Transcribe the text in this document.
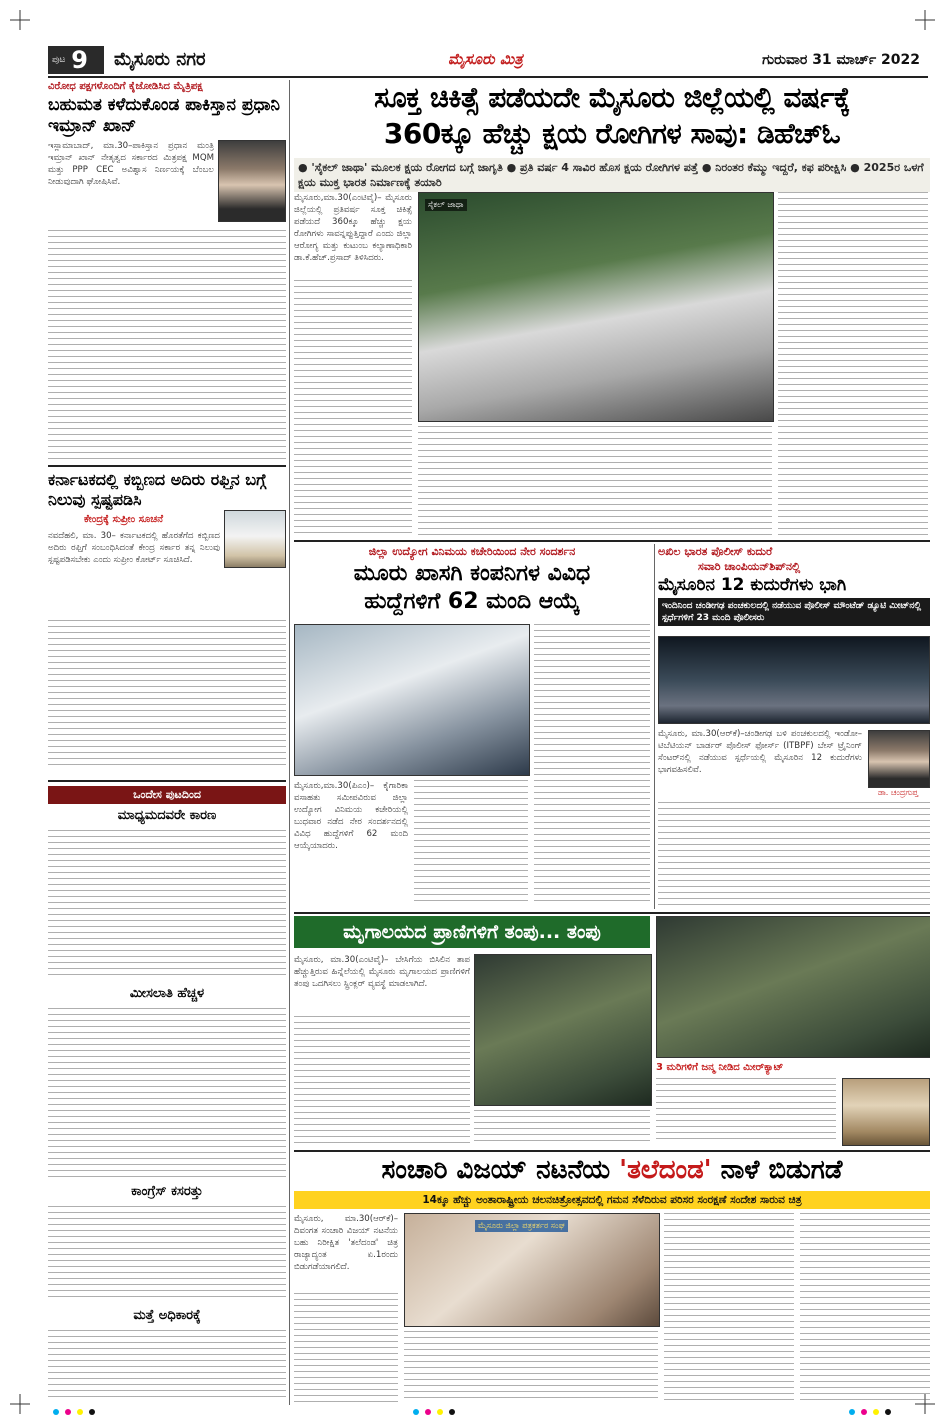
ಪುಟ 9 ಮೈಸೂರು ನಗರ	ಮೈಸೂರು ಮಿತ್ರ	ಗುರುವಾರ 31 ಮಾರ್ಚ್ 2022
ವಿರೋಧ ಪಕ್ಷಗಳೊಂದಿಗೆ ಕೈಜೋಡಿಸಿದ ಮೈತ್ರಿಪಕ್ಷ
ಬಹುಮತ ಕಳೆದುಕೊಂಡ ಪಾಕಿಸ್ತಾನ ಪ್ರಧಾನಿ ಇಮ್ರಾನ್ ಖಾನ್
ಇಸ್ಲಾಮಾಬಾದ್, ಮಾ.30–ಪಾಕಿಸ್ತಾನ ಪ್ರಧಾನ ಮಂತ್ರಿ ಇಮ್ರಾನ್ ಖಾನ್ ನೇತೃತ್ವದ ಸರ್ಕಾರದ ಮಿತ್ರಪಕ್ಷ MQM ಮತ್ತು PPP CEC ಅವಿಶ್ವಾಸ ನಿರ್ಣಯಕ್ಕೆ ಬೆಂಬಲ ನೀಡುವುದಾಗಿ ಘೋಷಿಸಿವೆ.
ಕರ್ನಾಟಕದಲ್ಲಿ ಕಬ್ಬಿಣದ ಅದಿರು ರಫ್ತಿನ ಬಗ್ಗೆ ನಿಲುವು ಸ್ಪಷ್ಟಪಡಿಸಿ
ಕೇಂದ್ರಕ್ಕೆ ಸುಪ್ರೀಂ ಸೂಚನೆ
ನವದೆಹಲಿ, ಮಾ. 30– ಕರ್ನಾಟಕದಲ್ಲಿ ಹೊರತೆಗೆದ ಕಬ್ಬಿಣದ ಅದಿರು ರಫ್ತಿಗೆ ಸಂಬಂಧಿಸಿದಂತೆ ಕೇಂದ್ರ ಸರ್ಕಾರ ತನ್ನ ನಿಲುವು ಸ್ಪಷ್ಟಪಡಿಸಬೇಕು ಎಂದು ಸುಪ್ರೀಂ ಕೋರ್ಟ್ ಸೂಚಿಸಿದೆ.
ಒಂದೇಸ ಪುಟದಿಂದ
ಮಾಧ್ಯಮದವರೇ ಕಾರಣ
ಮೀಸಲಾತಿ ಹೆಚ್ಚಳ
ಕಾಂಗ್ರೆಸ್ ಕಸರತ್ತು
ಮತ್ತೆ ಅಧಿಕಾರಕ್ಕೆ
ಸೂಕ್ತ ಚಿಕಿತ್ಸೆ ಪಡೆಯದೇ ಮೈಸೂರು ಜಿಲ್ಲೆಯಲ್ಲಿ ವರ್ಷಕ್ಕೆ
360ಕ್ಕೂ ಹೆಚ್ಚು ಕ್ಷಯ ರೋಗಿಗಳ ಸಾವು: ಡಿಹೆಚ್‌ಓ
● 'ಸೈಕಲ್ ಜಾಥಾ' ಮೂಲಕ ಕ್ಷಯ ರೋಗದ ಬಗ್ಗೆ ಜಾಗೃತಿ ● ಪ್ರತಿ ವರ್ಷ 4 ಸಾವಿರ ಹೊಸ ಕ್ಷಯ ರೋಗಿಗಳ ಪತ್ತೆ ● ನಿರಂತರ ಕೆಮ್ಮು ಇದ್ದರೆ, ಕಫ ಪರೀಕ್ಷಿಸಿ ● 2025ರ ಒಳಗೆ ಕ್ಷಯ ಮುಕ್ತ ಭಾರತ ನಿರ್ಮಾಣಕ್ಕೆ ತಯಾರಿ
ಸೈಕಲ್ ಜಾಥಾ
ಮೈಸೂರು,ಮಾ.30(ಎಂಟಿವೈ)– ಮೈಸೂರು ಜಿಲ್ಲೆಯಲ್ಲಿ ಪ್ರತಿವರ್ಷ ಸೂಕ್ತ ಚಿಕಿತ್ಸೆ ಪಡೆಯದೆ 360ಕ್ಕೂ ಹೆಚ್ಚು ಕ್ಷಯ ರೋಗಿಗಳು ಸಾವನ್ನಪ್ಪುತ್ತಿದ್ದಾರೆ ಎಂದು ಜಿಲ್ಲಾ ಆರೋಗ್ಯ ಮತ್ತು ಕುಟುಂಬ ಕಲ್ಯಾಣಾಧಿಕಾರಿ ಡಾ.ಕೆ.ಹೆಚ್.ಪ್ರಸಾದ್ ತಿಳಿಸಿದರು.
ಜಿಲ್ಲಾ ಉದ್ಯೋಗ ವಿನಿಮಯ ಕಚೇರಿಯಿಂದ ನೇರ ಸಂದರ್ಶನ
ಮೂರು ಖಾಸಗಿ ಕಂಪನಿಗಳ ವಿವಿಧ
ಹುದ್ದೆಗಳಿಗೆ 62 ಮಂದಿ ಆಯ್ಕೆ
ಮೈಸೂರು,ಮಾ.30(ಪಿಎಂ)– ಕೈಗಾರಿಕಾ ವಸಾಹತು ಸಮೀಪವಿರುವ ಜಿಲ್ಲಾ ಉದ್ಯೋಗ ವಿನಿಮಯ ಕಚೇರಿಯಲ್ಲಿ ಬುಧವಾರ ನಡೆದ ನೇರ ಸಂದರ್ಶನದಲ್ಲಿ ವಿವಿಧ ಹುದ್ದೆಗಳಿಗೆ 62 ಮಂದಿ ಆಯ್ಕೆಯಾದರು.
ಅಖಿಲ ಭಾರತ ಪೊಲೀಸ್ ಕುದುರೆ
ಸವಾರಿ ಚಾಂಪಿಯನ್‌ಶಿಪ್‌ನಲ್ಲಿ
ಮೈಸೂರಿನ 12 ಕುದುರೆಗಳು ಭಾಗಿ
ಇಂದಿನಿಂದ ಚಂಡೀಗಢ ಪಂಚಕುಲದಲ್ಲಿ ನಡೆಯುವ ಪೊಲೀಸ್ ಮೌಂಟೆಡ್ ಡ್ಯೂಟಿ ಮೀಟ್‌ನಲ್ಲಿ ಸ್ಪರ್ಧೆಗಳಿಗೆ 23 ಮಂದಿ ಪೊಲೀಸರು
ಮೈಸೂರು, ಮಾ.30(ಆರ್‌ಕೆ)–ಚಂಡೀಗಢ ಬಳಿ ಪಂಚಕುಲದಲ್ಲಿ ಇಂಡೋ–ಟಿಬೆಟಿಯನ್ ಬಾರ್ಡರ್ ಪೊಲೀಸ್ ಫೋರ್ಸ್ (ITBPF) ಬೇಸ್ ಟ್ರೈನಿಂಗ್ ಸೆಂಟರ್‌ನಲ್ಲಿ ನಡೆಯುವ ಸ್ಪರ್ಧೆಯಲ್ಲಿ ಮೈಸೂರಿನ 12 ಕುದುರೆಗಳು ಭಾಗವಹಿಸಲಿವೆ.
ಡಾ. ಚಂದ್ರಗುಪ್ತ
ಮೃಗಾಲಯದ ಪ್ರಾಣಿಗಳಿಗೆ ತಂಪು... ತಂಪು
ಮೈಸೂರು, ಮಾ.30(ಎಂಟಿವೈ)– ಬೇಸಿಗೆಯ ಬಿಸಿಲಿನ ತಾಪ ಹೆಚ್ಚುತ್ತಿರುವ ಹಿನ್ನೆಲೆಯಲ್ಲಿ ಮೈಸೂರು ಮೃಗಾಲಯದ ಪ್ರಾಣಿಗಳಿಗೆ ತಂಪು ಒದಗಿಸಲು ಸ್ಪ್ರಿಂಕ್ಲರ್ ವ್ಯವಸ್ಥೆ ಮಾಡಲಾಗಿದೆ.
3 ಮರಿಗಳಿಗೆ ಜನ್ಮ ನೀಡಿದ ಮೀರ್‌ಕ್ಯಾಟ್
ಸಂಚಾರಿ ವಿಜಯ್ ನಟನೆಯ 'ತಲೆದಂಡ' ನಾಳೆ ಬಿಡುಗಡೆ
14ಕ್ಕೂ ಹೆಚ್ಚು ಅಂತಾರಾಷ್ಟ್ರೀಯ ಚಲನಚಿತ್ರೋತ್ಸವದಲ್ಲಿ ಗಮನ ಸೆಳೆದಿರುವ ಪರಿಸರ ಸಂರಕ್ಷಣೆ ಸಂದೇಶ ಸಾರುವ ಚಿತ್ರ
ಮೈಸೂರು, ಮಾ.30(ಆರ್‌ಕೆ)– ದಿವಂಗತ ಸಂಚಾರಿ ವಿಜಯ್ ನಟನೆಯ ಬಹು ನಿರೀಕ್ಷಿತ 'ತಲೆದಂಡ' ಚಿತ್ರ ರಾಜ್ಯಾದ್ಯಂತ ಏ.1ರಂದು ಬಿಡುಗಡೆಯಾಗಲಿದೆ.
ಮೈಸೂರು ಜಿಲ್ಲಾ ಪತ್ರಕರ್ತರ ಸಂಘ
